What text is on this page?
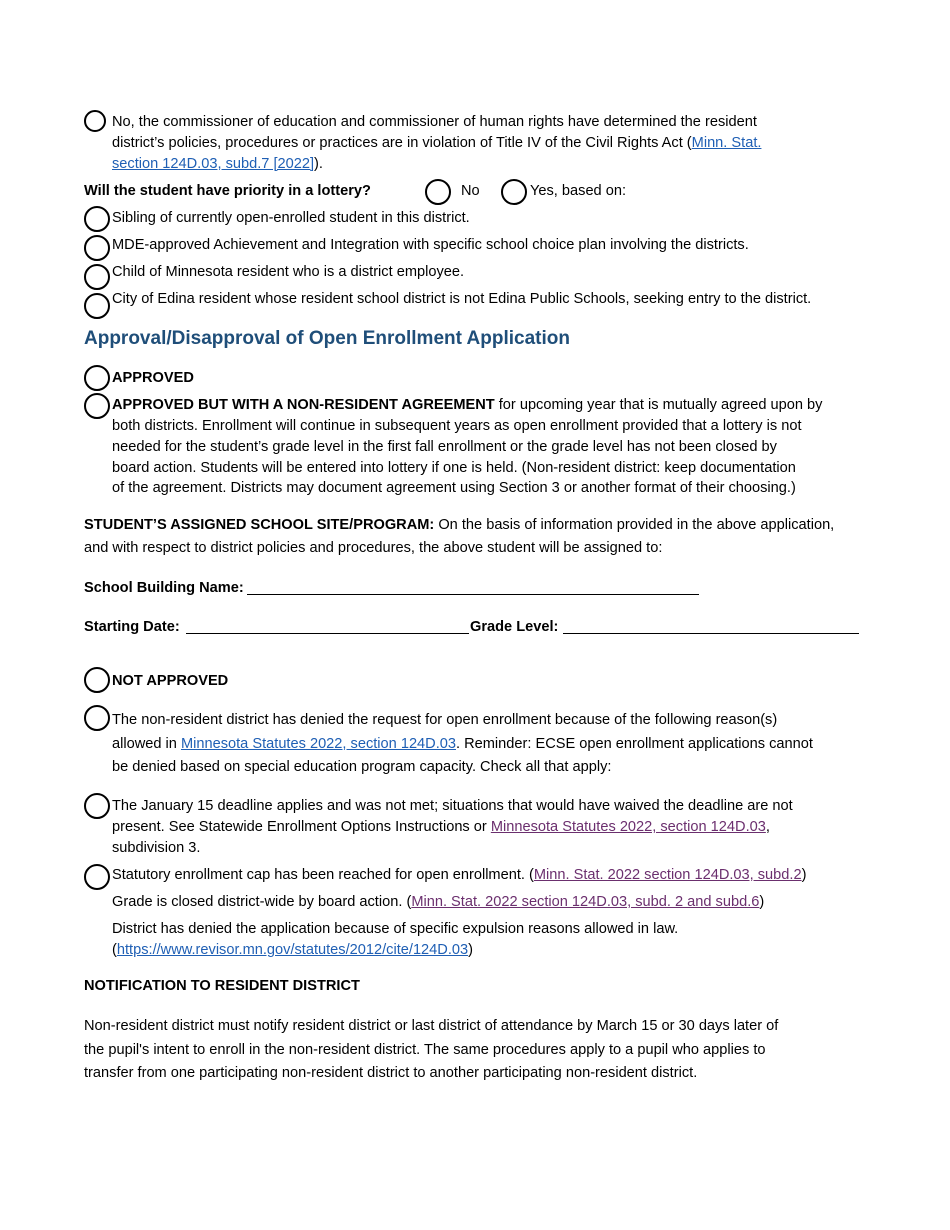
No, the commissioner of education and commissioner of human rights have determined the resident
district’s policies, procedures or practices are in violation of Title IV of the Civil Rights Act (Minn. Stat.
section 124D.03, subd.7 [2022]).
Will the student have priority in a lottery?	No	Yes, based on:
Sibling of currently open-enrolled student in this district.
MDE-approved Achievement and Integration with specific school choice plan involving the districts.
Child of Minnesota resident who is a district employee.
City of Edina resident whose resident school district is not Edina Public Schools, seeking entry to the district.
Approval/Disapproval of Open Enrollment Application
APPROVED
APPROVED BUT WITH A NON-RESIDENT AGREEMENT for upcoming year that is mutually agreed upon by
both districts. Enrollment will continue in subsequent years as open enrollment provided that a lottery is not
needed for the student’s grade level in the first fall enrollment or the grade level has not been closed by
board action. Students will be entered into lottery if one is held. (Non-resident district: keep documentation
of the agreement. Districts may document agreement using Section 3 or another format of their choosing.)
STUDENT’S ASSIGNED SCHOOL SITE/PROGRAM: On the basis of information provided in the above application,
and with respect to district policies and procedures, the above student will be assigned to:
School Building Name:
Starting Date:	Grade Level:
NOT APPROVED
The non-resident district has denied the request for open enrollment because of the following reason(s)
allowed in Minnesota Statutes 2022, section 124D.03. Reminder: ECSE open enrollment applications cannot
be denied based on special education program capacity. Check all that apply:
The January 15 deadline applies and was not met; situations that would have waived the deadline are not
present. See Statewide Enrollment Options Instructions or Minnesota Statutes 2022, section 124D.03,
subdivision 3.
Statutory enrollment cap has been reached for open enrollment. (Minn. Stat. 2022 section 124D.03, subd.2)
Grade is closed district-wide by board action. (Minn. Stat. 2022 section 124D.03, subd. 2 and subd.6)
District has denied the application because of specific expulsion reasons allowed in law.
(https://www.revisor.mn.gov/statutes/2012/cite/124D.03)
NOTIFICATION TO RESIDENT DISTRICT
Non-resident district must notify resident district or last district of attendance by March 15 or 30 days later of
the pupil's intent to enroll in the non-resident district. The same procedures apply to a pupil who applies to
transfer from one participating non-resident district to another participating non-resident district.
